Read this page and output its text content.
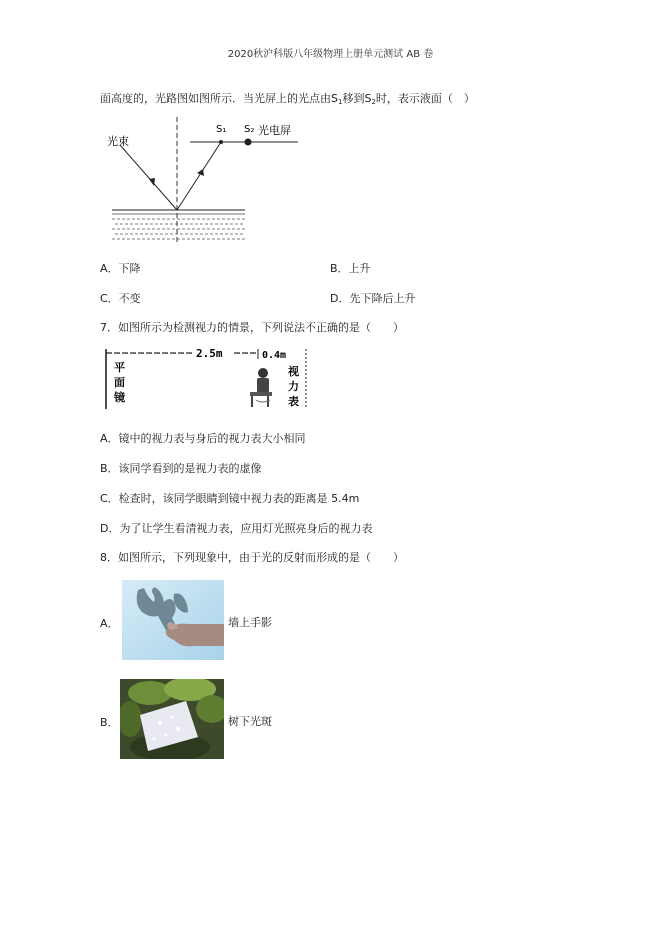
2020秋沪科版八年级物理上册单元测试 AB 卷
面高度的，光路图如图所示．当光屏上的光点由$S_1$移到$S_2$时，表示液面（　）
光束
S₁ S₂ 光电屏
A．下降	B．上升
C．不变	D．先下降后上升
7．如图所示为检测视力的情景，下列说法不正确的是（　　）
2.5m	0.4m
平
面
镜
视
力
表
A．镜中的视力表与身后的视力表大小相同
B．该同学看到的是视力表的虚像
C．检查时，该同学眼睛到镜中视力表的距离是 5.4m
D．为了让学生看清视力表，应用灯光照亮身后的视力表
8．如图所示，下列现象中，由于光的反射而形成的是（　　）
A．	墙上手影
B．	树下光斑
